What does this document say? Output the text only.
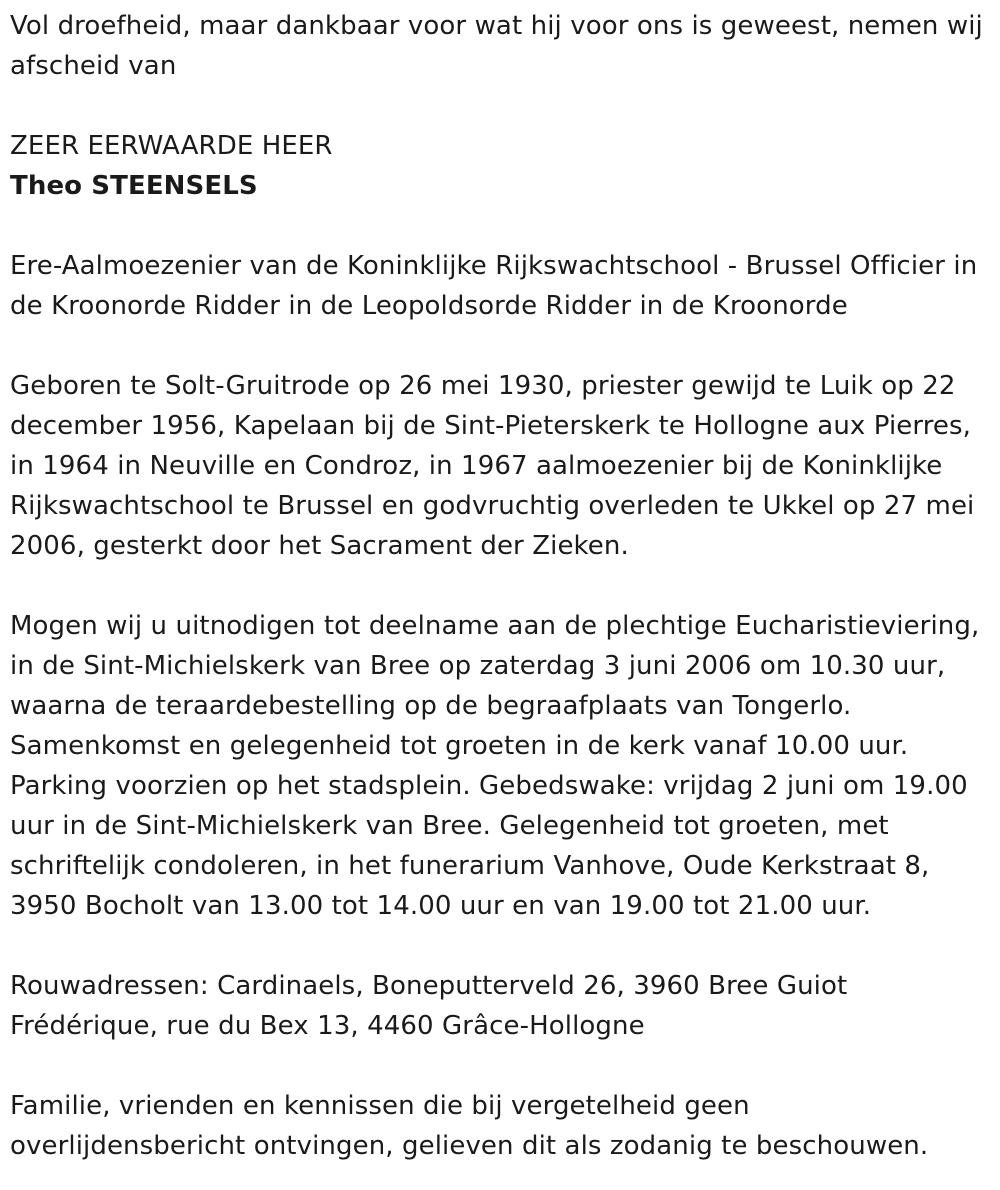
Vol droefheid, maar dankbaar voor wat hij voor ons is geweest, nemen wij afscheid van

ZEER EERWAARDE HEER

Theo STEENSELS

Ere-Aalmoezenier van de Koninklijke Rijkswachtschool - Brussel Officier in de Kroonorde Ridder in de Leopoldsorde Ridder in de Kroonorde

Geboren te Solt-Gruitrode op 26 mei 1930, priester gewijd te Luik op 22 december 1956, Kapelaan bij de Sint-Pieterskerk te Hollogne aux Pierres, in 1964 in Neuville en Condroz, in 1967 aalmoezenier bij de Koninklijke Rijkswachtschool te Brussel en godvruchtig overleden te Ukkel op 27 mei 2006, gesterkt door het Sacrament der Zieken.

Mogen wij u uitnodigen tot deelname aan de plechtige Eucharistieviering, in de Sint-Michielskerk van Bree op zaterdag 3 juni 2006 om 10.30 uur, waarna de teraardebestelling op de begraafplaats van Tongerlo. Samenkomst en gelegenheid tot groeten in de kerk vanaf 10.00 uur. Parking voorzien op het stadsplein. Gebedswake: vrijdag 2 juni om 19.00 uur in de Sint-Michielskerk van Bree. Gelegenheid tot groeten, met schriftelijk condoleren, in het funerarium Vanhove, Oude Kerkstraat 8, 3950 Bocholt van 13.00 tot 14.00 uur en van 19.00 tot 21.00 uur.

Rouwadressen: Cardinaels, Boneputterveld 26, 3960 Bree Guiot Frédérique, rue du Bex 13, 4460 Grâce-Hollogne

Familie, vrienden en kennissen die bij vergetelheid geen overlijdensbericht ontvingen, gelieven dit als zodanig te beschouwen.
